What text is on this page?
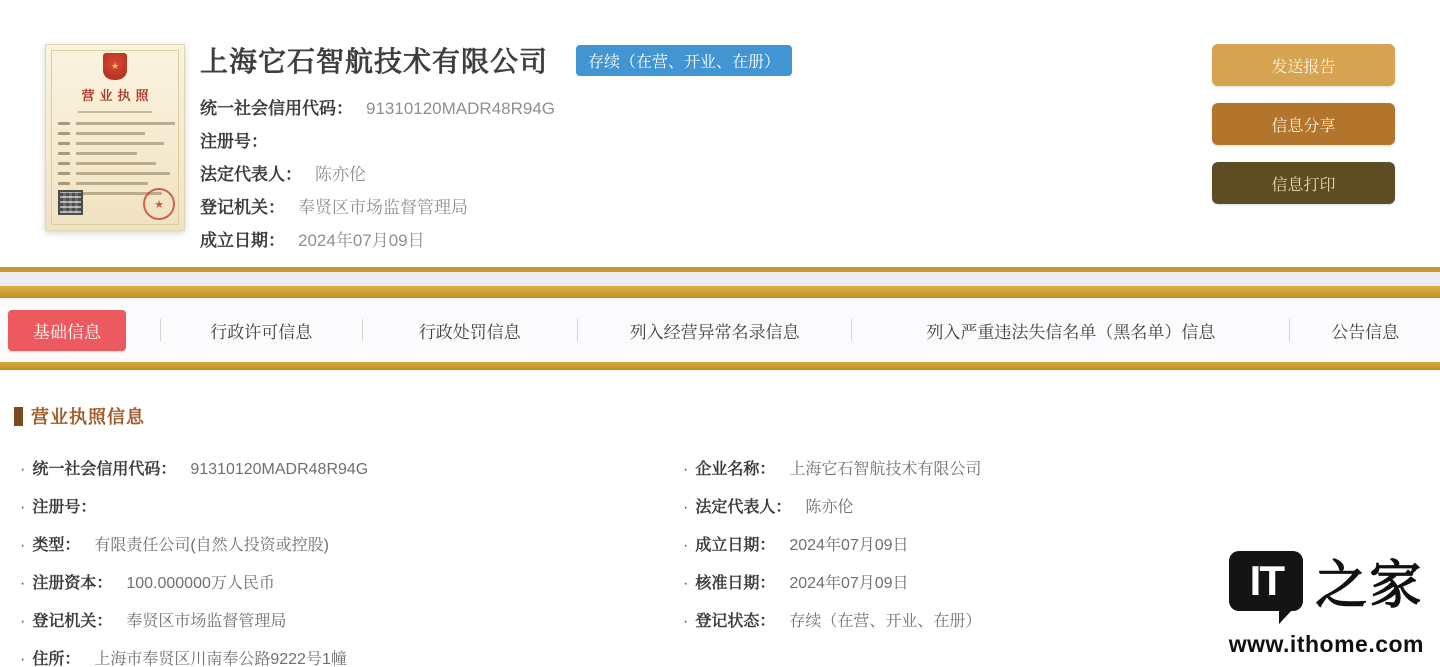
★
营业执照
★
上海它石智航技术有限公司	存续（在营、开业、在册）
统一社会信用代码： 91310120MADR48R94G
注册号：
法定代表人： 陈亦伦
登记机关： 奉贤区市场监督管理局
成立日期： 2024年07月09日
发送报告
信息分享
信息打印
基础信息	行政许可信息	行政处罚信息	列入经营异常名录信息	列入严重违法失信名单（黑名单）信息	公告信息
营业执照信息
· 统一社会信用代码： 91310120MADR48R94G	· 企业名称： 上海它石智航技术有限公司
· 注册号：	· 法定代表人： 陈亦伦
· 类型： 有限责任公司(自然人投资或控股)	· 成立日期： 2024年07月09日
· 注册资本： 100.000000万人民币	· 核准日期： 2024年07月09日
· 登记机关： 奉贤区市场监督管理局	· 登记状态： 存续（在营、开业、在册）
· 住所： 上海市奉贤区川南奉公路9222号1幢
IT 之家
www.ithome.com
